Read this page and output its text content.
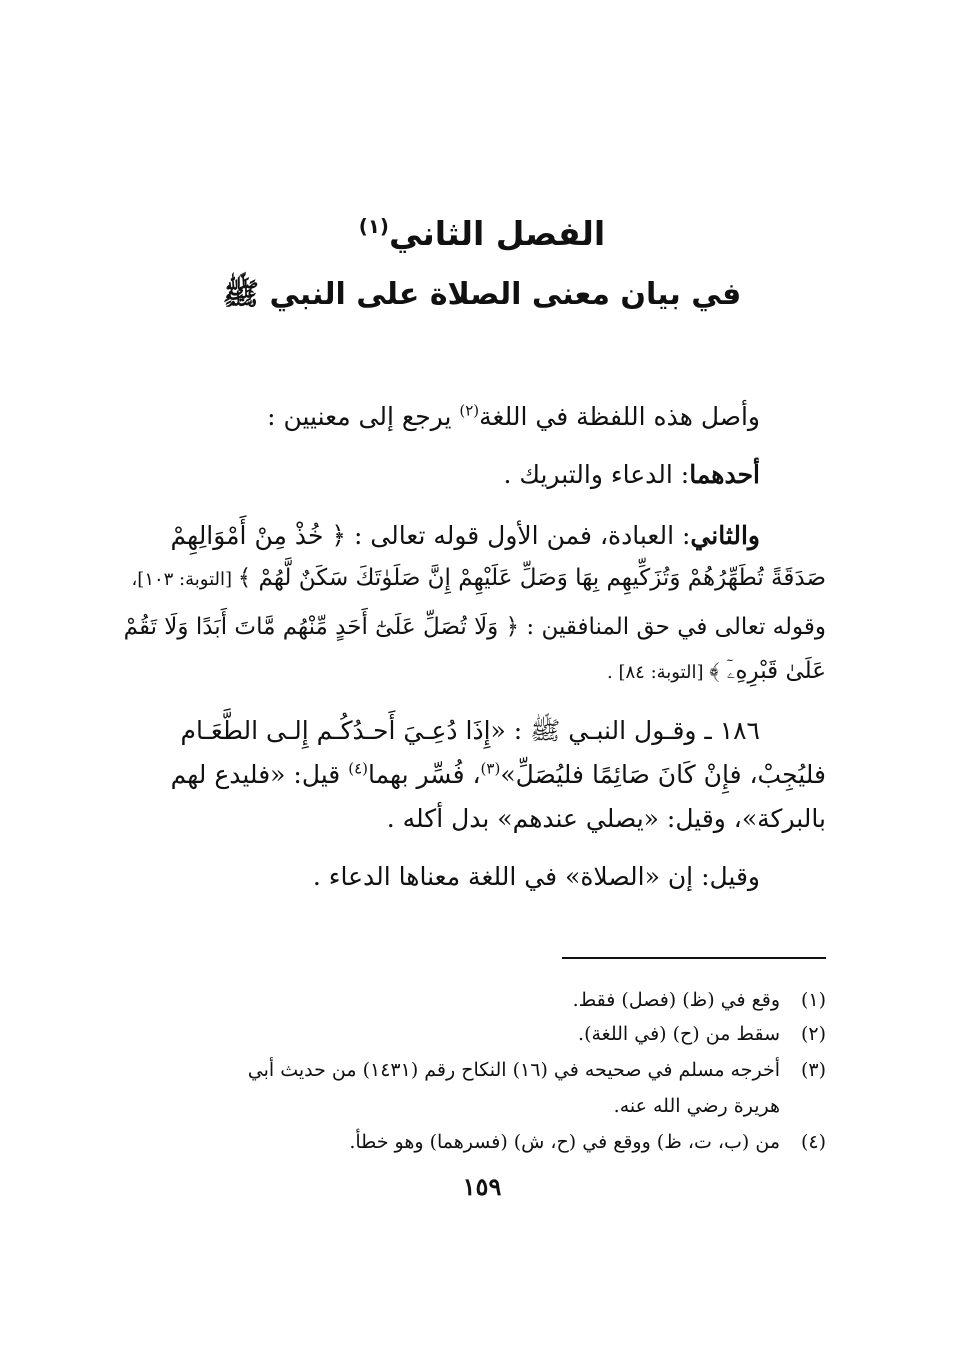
الفصل الثاني$^{(١)}$
في بيان معنى الصلاة على النبي ﷺ
وأصل هذه اللفظة في اللغة$^{(٢)}$ يرجع إلى معنيين :
أحدهما: الدعاء والتبريك .
والثاني: العبادة، فمن الأول قوله تعالى : ﴿ خُذْ مِنْ أَمْوَالِهِمْ
صَدَقَةً تُطَهِّرُهُمْ وَتُزَكِّيهِم بِهَا وَصَلِّ عَلَيْهِمْ إِنَّ صَلَوٰتَكَ سَكَنٌ لَّهُمْ ﴾ [التوبة: ١٠٣]،
وقوله تعالى في حق المنافقين : ﴿ وَلَا تُصَلِّ عَلَىٰٓ أَحَدٍ مِّنْهُم مَّاتَ أَبَدًا وَلَا تَقُمْ
عَلَىٰ قَبْرِهِۦٓ ﴾ [التوبة: ٨٤] .
١٨٦ ـ وقـول النبـي ﷺ : «إِذَا دُعِـيَ أَحـدُكُـم إِلـى الطَّعَـام
فليُجِبْ، فإِنْ كَانَ صَائِمًا فليُصَلِّ»$^{(٣)}$، فُسِّر بهما$^{(٤)}$ قيل: «فليدع لهم
بالبركة»، وقيل: «يصلي عندهم» بدل أكله .
وقيل: إن «الصلاة» في اللغة معناها الدعاء .
(١)وقع في (ظ) (فصل) فقط.
(٢)سقط من (ح) (في اللغة).
(٣)أخرجه مسلم في صحيحه في (١٦) النكاح رقم (١٤٣١) من حديث أبي
هريرة رضي الله عنه.
(٤)من (ب، ت، ظ) ووقع في (ح، ش) (فسرهما) وهو خطأ.
١٥٩
